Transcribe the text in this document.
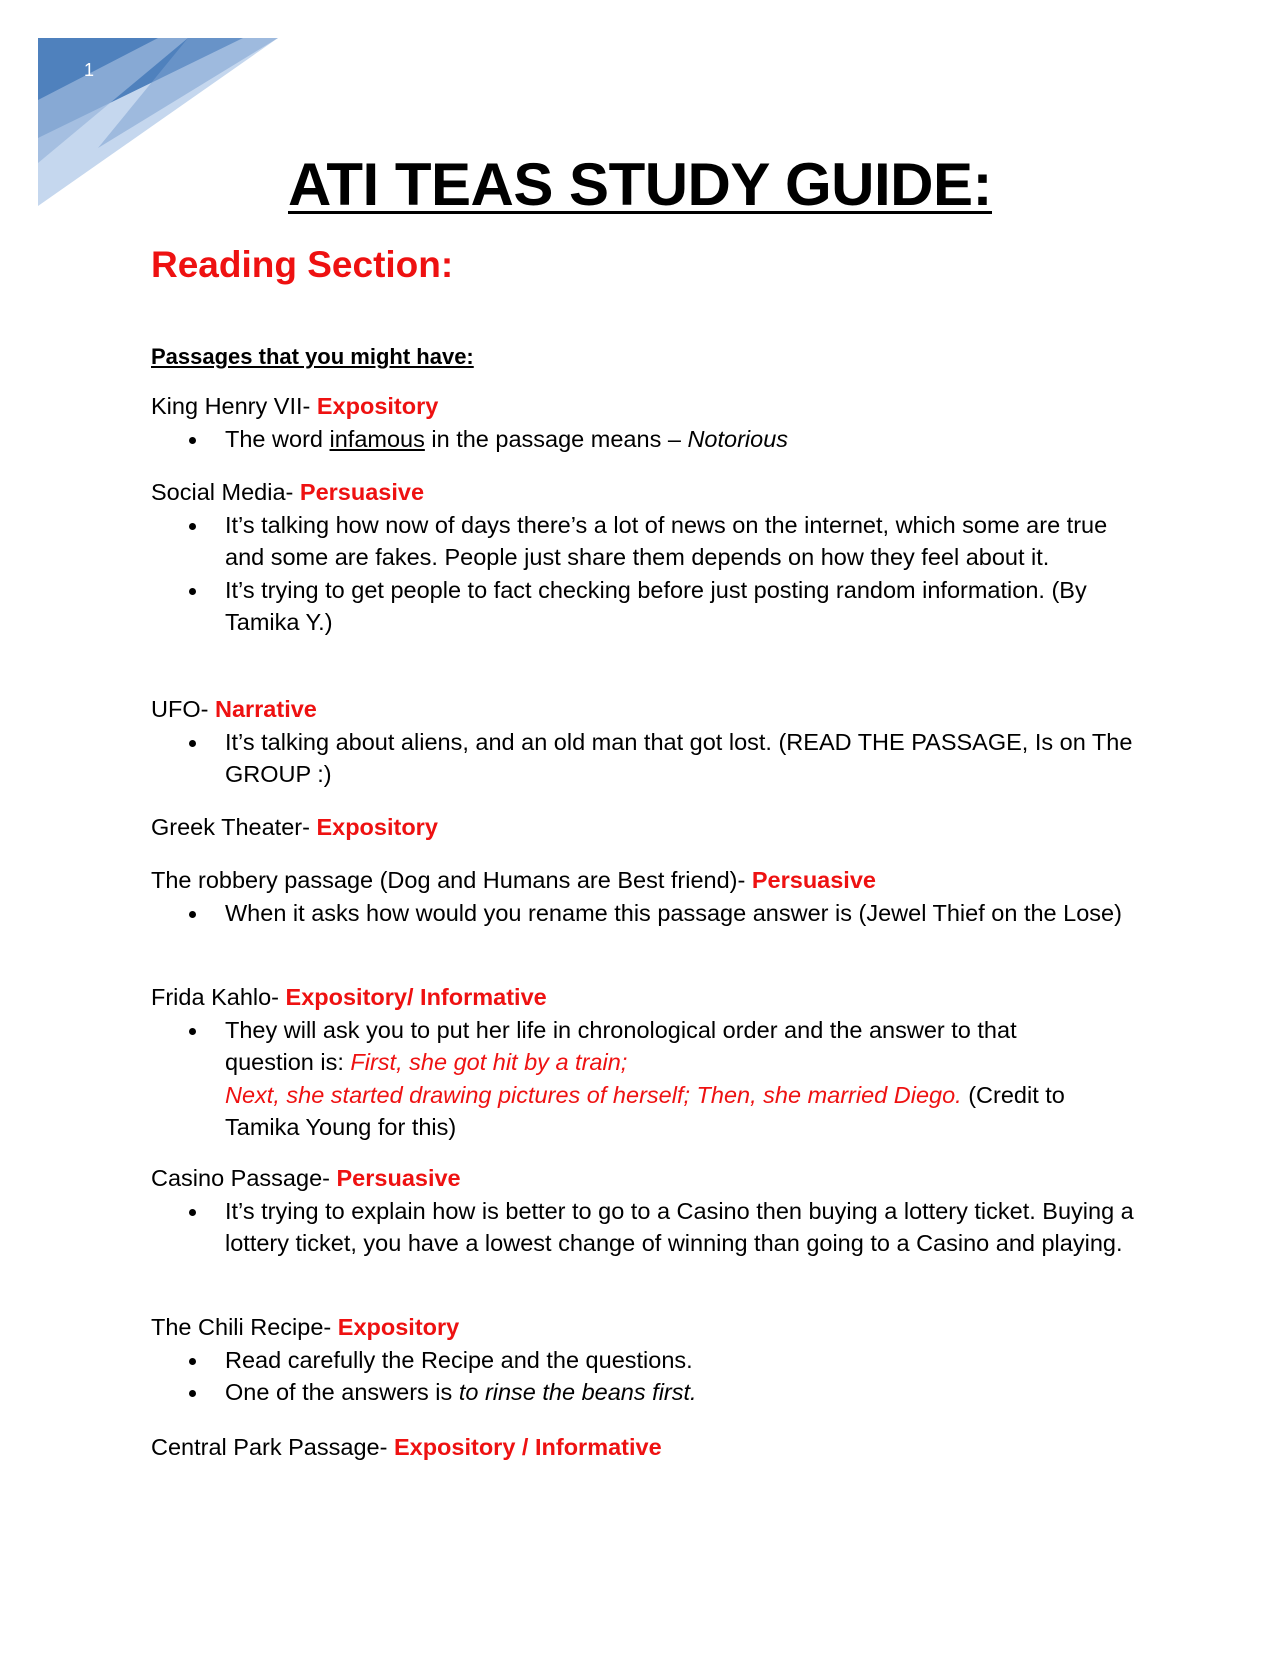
1
ATI TEAS STUDY GUIDE:
Reading Section:
Passages that you might have:

King Henry VII- Expository

The word infamous in the passage means – Notorious

Social Media- Persuasive

It’s talking how now of days there’s a lot of news on the internet, which some are true and some are fakes. People just share them depends on how they feel about it.
It’s trying to get people to fact checking before just posting random information. (By Tamika Y.)

UFO- Narrative

It’s talking about aliens, and an old man that got lost. (READ THE PASSAGE, Is on The GROUP :)

Greek Theater- Expository

The robbery passage (Dog and Humans are Best friend)- Persuasive

When it asks how would you rename this passage answer is (Jewel Thief on the Lose)

Frida Kahlo- Expository/ Informative

They will ask you to put her life in chronological order and the answer to that
question is: First, she got hit by a train;
Next, she started drawing pictures of herself; Then, she married Diego. (Credit to Tamika Young for this)

Casino Passage- Persuasive

It’s trying to explain how is better to go to a Casino then buying a lottery ticket. Buying a lottery ticket, you have a lowest change of winning than going to a Casino and playing.

The Chili Recipe- Expository

Read carefully the Recipe and the questions.
One of the answers is to rinse the beans first.

Central Park Passage- Expository / Informative
